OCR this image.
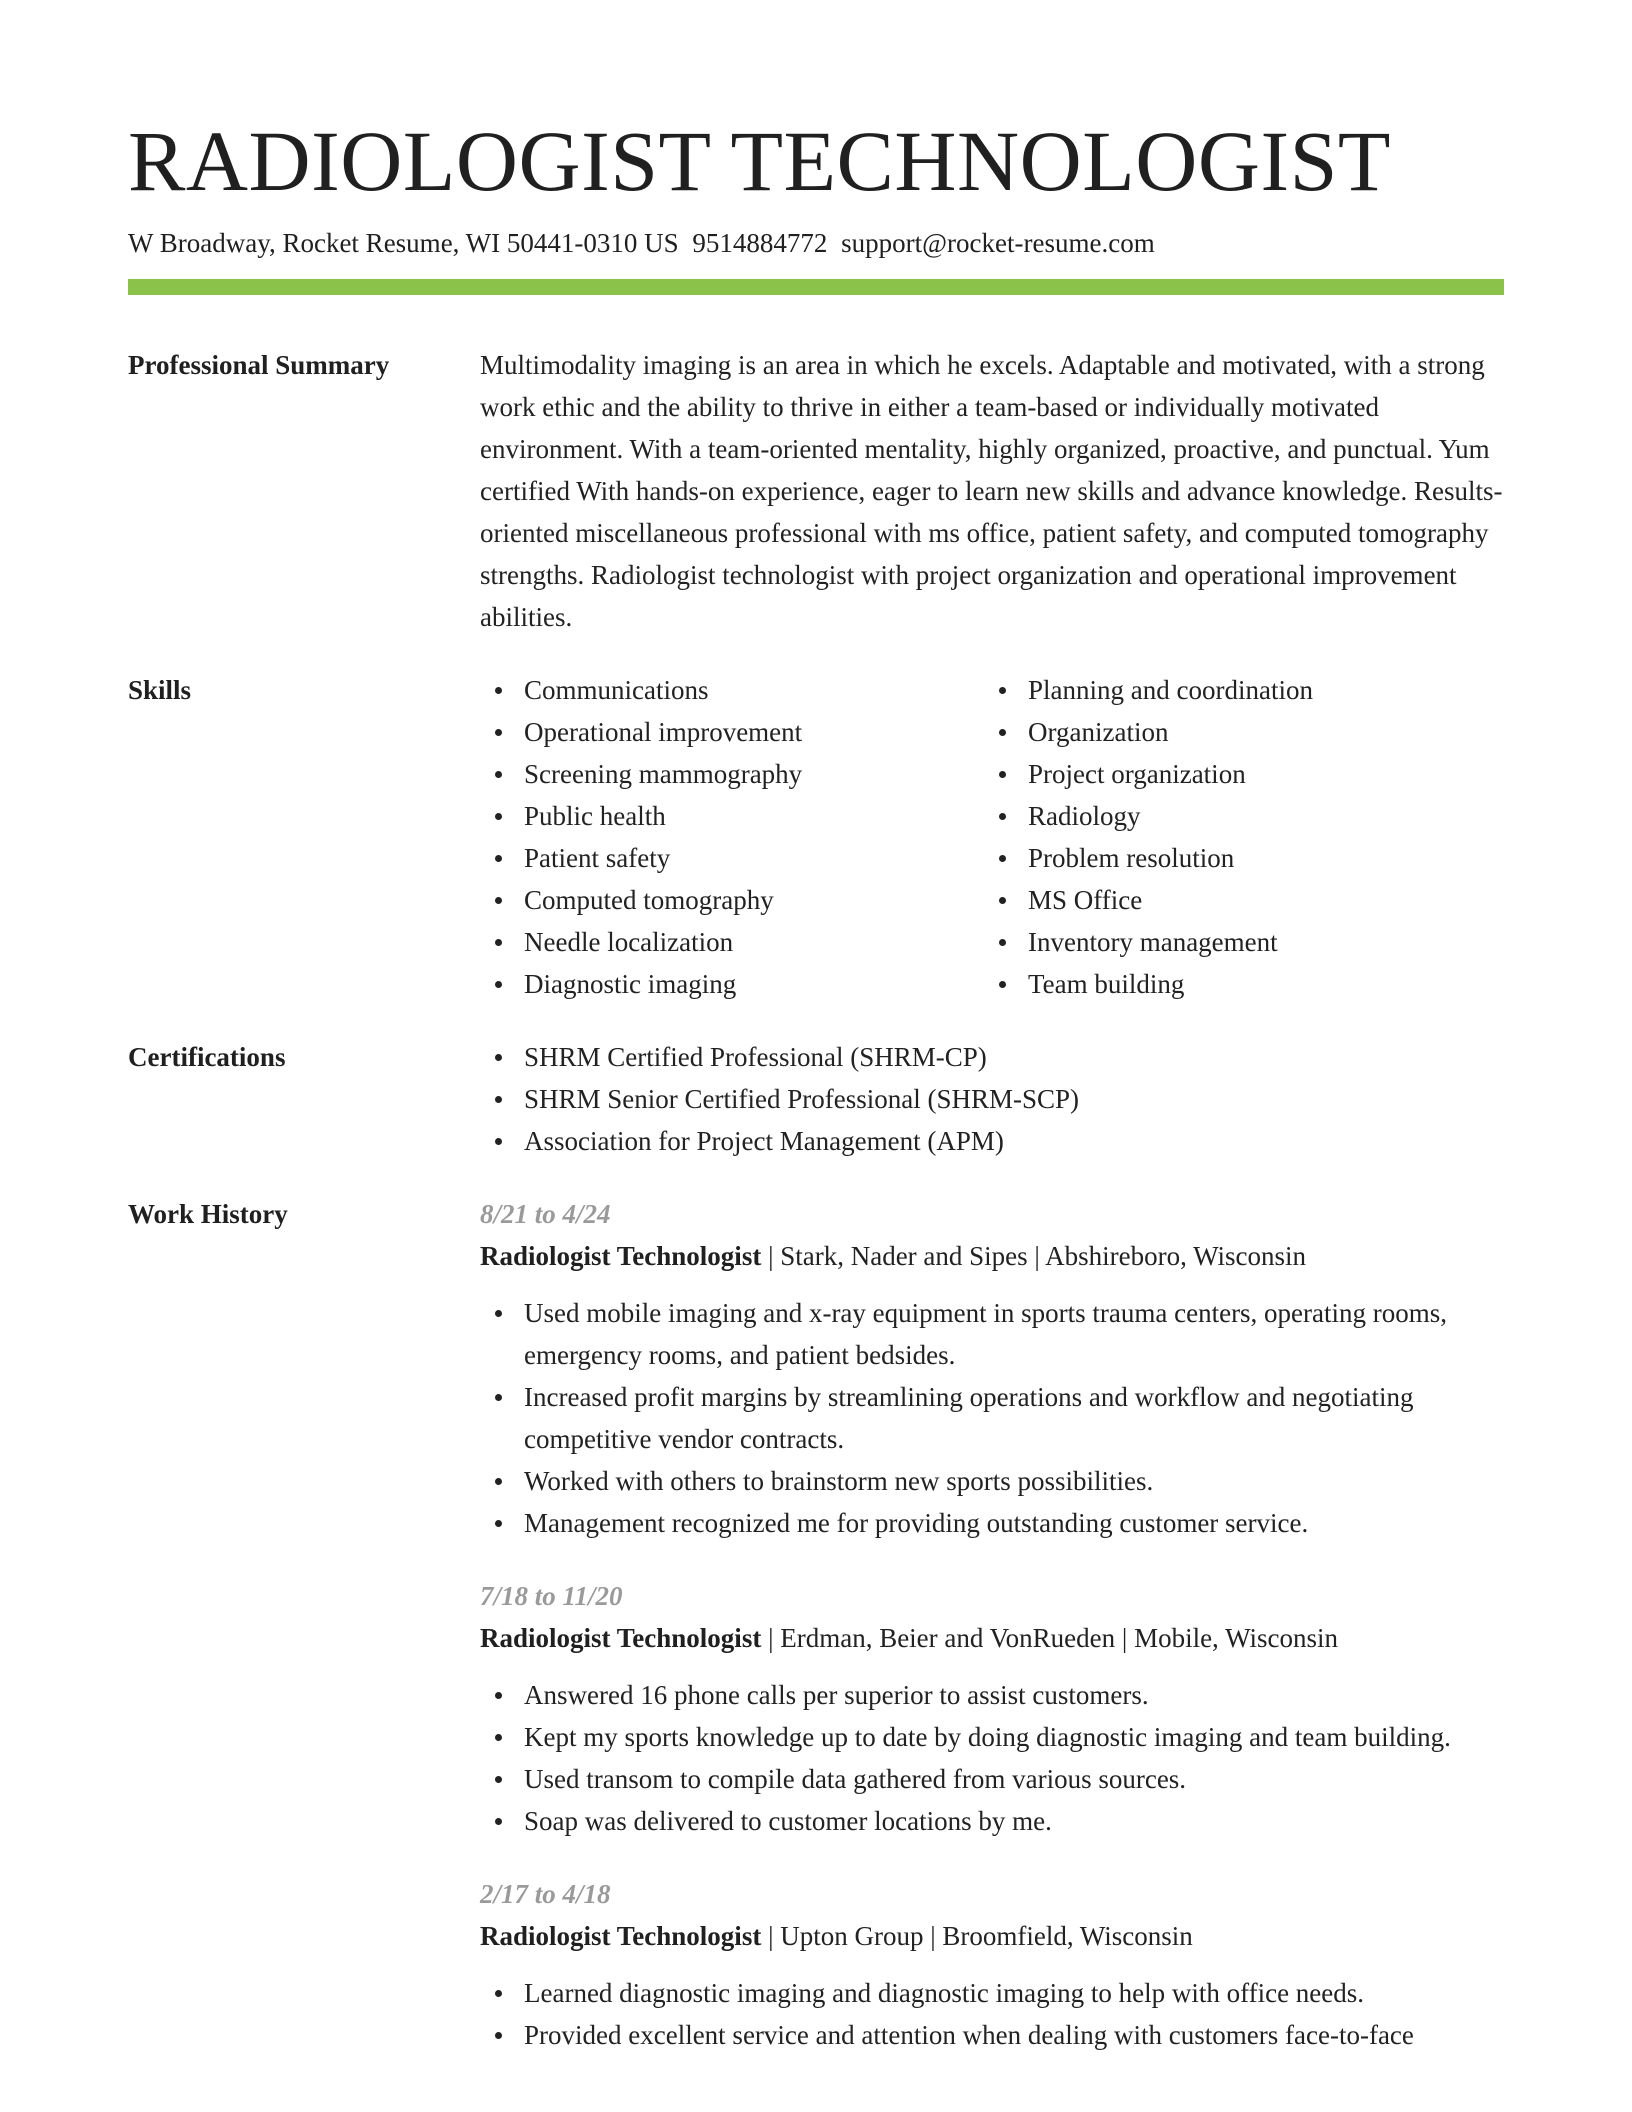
RADIOLOGIST TECHNOLOGIST
W Broadway, Rocket Resume, WI 50441-0310 US 9514884772 support@rocket-resume.com
Professional Summary	Multimodality imaging is an area in which he excels. Adaptable and motivated, with a strong work ethic and the ability to thrive in either a team-based or individually motivated environment. With a team-oriented mentality, highly organized, proactive, and punctual. Yum certified With hands-on experience, eager to learn new skills and advance knowledge. Results-oriented miscellaneous professional with ms office, patient safety, and computed tomography strengths. Radiologist technologist with project organization and operational improvement abilities.

Skills	Communications
Operational improvement
Screening mammography
Public health
Patient safety
Computed tomography
Needle localization
Diagnostic imaging
Planning and coordination
Organization
Project organization
Radiology
Problem resolution
MS Office
Inventory management
Team building
Certifications	SHRM Certified Professional (SHRM-CP)
SHRM Senior Certified Professional (SHRM-SCP)
Association for Project Management (APM)
Work History	8/21 to 4/24
Radiologist Technologist | Stark, Nader and Sipes | Abshireboro, Wisconsin
Used mobile imaging and x-ray equipment in sports trauma centers, operating rooms, emergency rooms, and patient bedsides.
Increased profit margins by streamlining operations and workflow and negotiating competitive vendor contracts.
Worked with others to brainstorm new sports possibilities.
Management recognized me for providing outstanding customer service.
7/18 to 11/20
Radiologist Technologist | Erdman, Beier and VonRueden | Mobile, Wisconsin
Answered 16 phone calls per superior to assist customers.
Kept my sports knowledge up to date by doing diagnostic imaging and team building.
Used transom to compile data gathered from various sources.
Soap was delivered to customer locations by me.
2/17 to 4/18
Radiologist Technologist | Upton Group | Broomfield, Wisconsin
Learned diagnostic imaging and diagnostic imaging to help with office needs.
Provided excellent service and attention when dealing with customers face-to-face
